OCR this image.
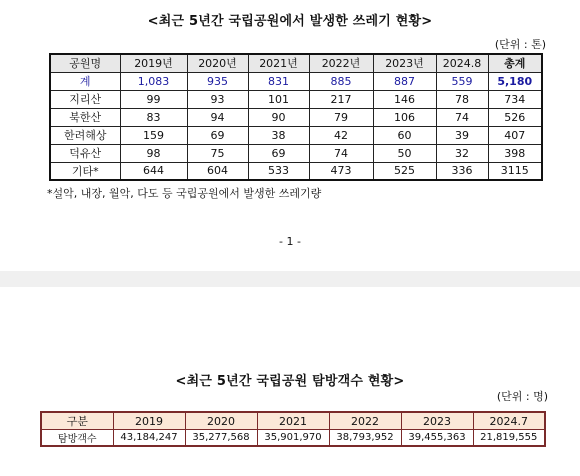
<최근 5년간 국립공원에서 발생한 쓰레기 현황>
(단위 : 톤)
공원명	2019년	2020년	2021년	2022년	2023년	2024.8	총계
계	1,083	935	831	885	887	559	5,180
지리산	99	93	101	217	146	78	734
북한산	83	94	90	79	106	74	526
한려해상	159	69	38	42	60	39	407
덕유산	98	75	69	74	50	32	398
기타*	644	604	533	473	525	336	3115
*설악, 내장, 월악, 다도 등 국립공원에서 발생한 쓰레기량
- 1 -
<최근 5년간 국립공원 탐방객수 현황>
(단위 : 명)
구분	2019	2020	2021	2022	2023	2024.7
탐방객수	43,184,247	35,277,568	35,901,970	38,793,952	39,455,363	21,819,555
